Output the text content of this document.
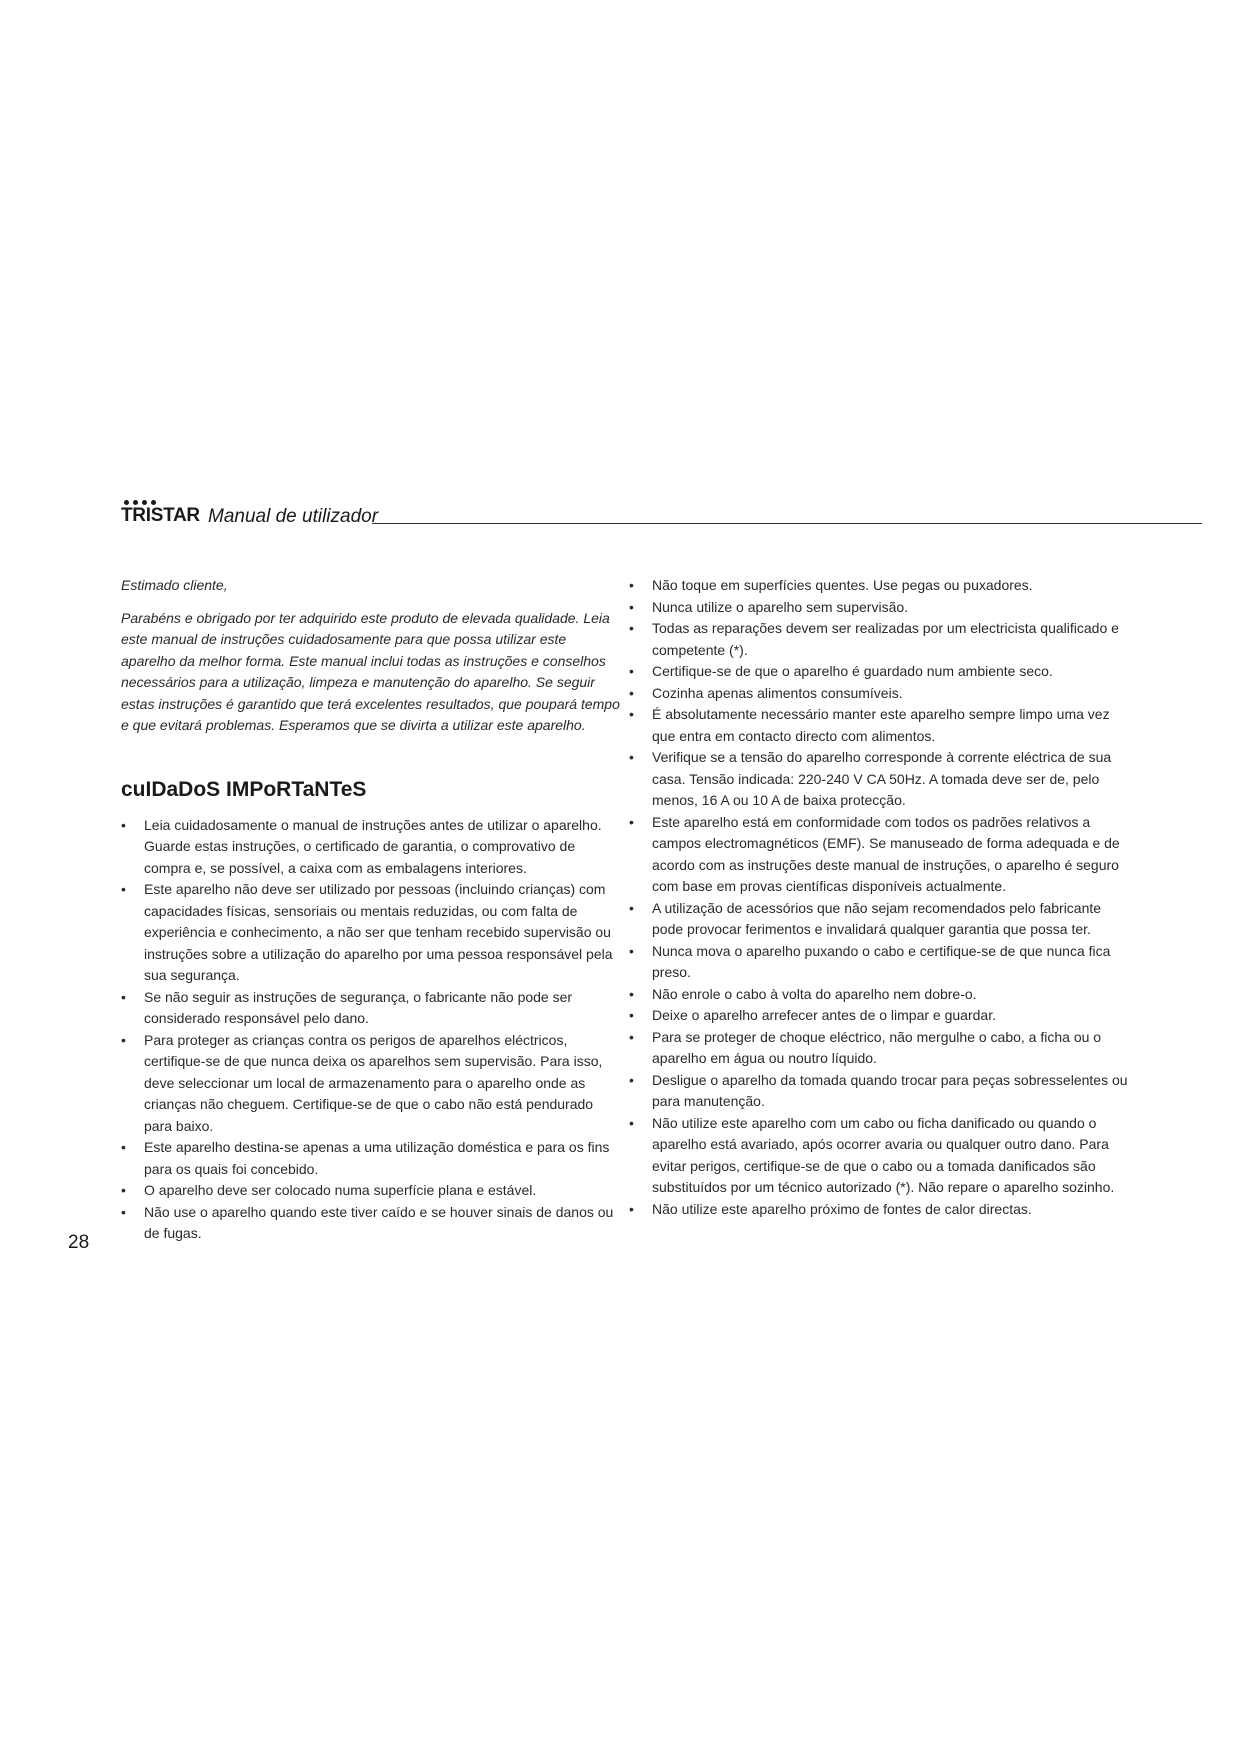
TRISTAR Manual de utilizador

Estimado cliente,

Parabéns e obrigado por ter adquirido este produto de elevada qualidade. Leia este manual de instruções cuidadosamente para que possa utilizar este aparelho da melhor forma. Este manual inclui todas as instruções e conselhos necessários para a utilização, limpeza e manutenção do aparelho. Se seguir estas instruções é garantido que terá excelentes resultados, que poupará tempo e que evitará problemas. Esperamos que se divirta a utilizar este aparelho.

cuIDaDoS IMPoRTaNTeS
• Leia cuidadosamente o manual de instruções antes de utilizar o aparelho. Guarde estas instruções, o certificado de garantia, o comprovativo de compra e, se possível, a caixa com as embalagens interiores.
• Este aparelho não deve ser utilizado por pessoas (incluindo crianças) com capacidades físicas, sensoriais ou mentais reduzidas, ou com falta de experiência e conhecimento, a não ser que tenham recebido supervisão ou instruções sobre a utilização do aparelho por uma pessoa responsável pela sua segurança.
• Se não seguir as instruções de segurança, o fabricante não pode ser considerado responsável pelo dano.
• Para proteger as crianças contra os perigos de aparelhos eléctricos, certifique-se de que nunca deixa os aparelhos sem supervisão. Para isso, deve seleccionar um local de armazenamento para o aparelho onde as crianças não cheguem. Certifique-se de que o cabo não está pendurado para baixo.
• Este aparelho destina-se apenas a uma utilização doméstica e para os fins para os quais foi concebido.
• O aparelho deve ser colocado numa superfície plana e estável.
• Não use o aparelho quando este tiver caído e se houver sinais de danos ou de fugas.
• Não toque em superfícies quentes. Use pegas ou puxadores.
• Nunca utilize o aparelho sem supervisão.
• Todas as reparações devem ser realizadas por um electricista qualificado e competente (*).
• Certifique-se de que o aparelho é guardado num ambiente seco.
• Cozinha apenas alimentos consumíveis.
• É absolutamente necessário manter este aparelho sempre limpo uma vez que entra em contacto directo com alimentos.
• Verifique se a tensão do aparelho corresponde à corrente eléctrica de sua casa. Tensão indicada: 220-240 V CA 50Hz. A tomada deve ser de, pelo menos, 16 A ou 10 A de baixa protecção.
• Este aparelho está em conformidade com todos os padrões relativos a campos electromagnéticos (EMF). Se manuseado de forma adequada e de acordo com as instruções deste manual de instruções, o aparelho é seguro com base em provas científicas disponíveis actualmente.
• A utilização de acessórios que não sejam recomendados pelo fabricante pode provocar ferimentos e invalidará qualquer garantia que possa ter.
• Nunca mova o aparelho puxando o cabo e certifique-se de que nunca fica preso.
• Não enrole o cabo à volta do aparelho nem dobre-o.
• Deixe o aparelho arrefecer antes de o limpar e guardar.
• Para se proteger de choque eléctrico, não mergulhe o cabo, a ficha ou o aparelho em água ou noutro líquido.
• Desligue o aparelho da tomada quando trocar para peças sobresselentes ou para manutenção.
• Não utilize este aparelho com um cabo ou ficha danificado ou quando o aparelho está avariado, após ocorrer avaria ou qualquer outro dano. Para evitar perigos, certifique-se de que o cabo ou a tomada danificados são substituídos por um técnico autorizado (*). Não repare o aparelho sozinho.
• Não utilize este aparelho próximo de fontes de calor directas.
28
